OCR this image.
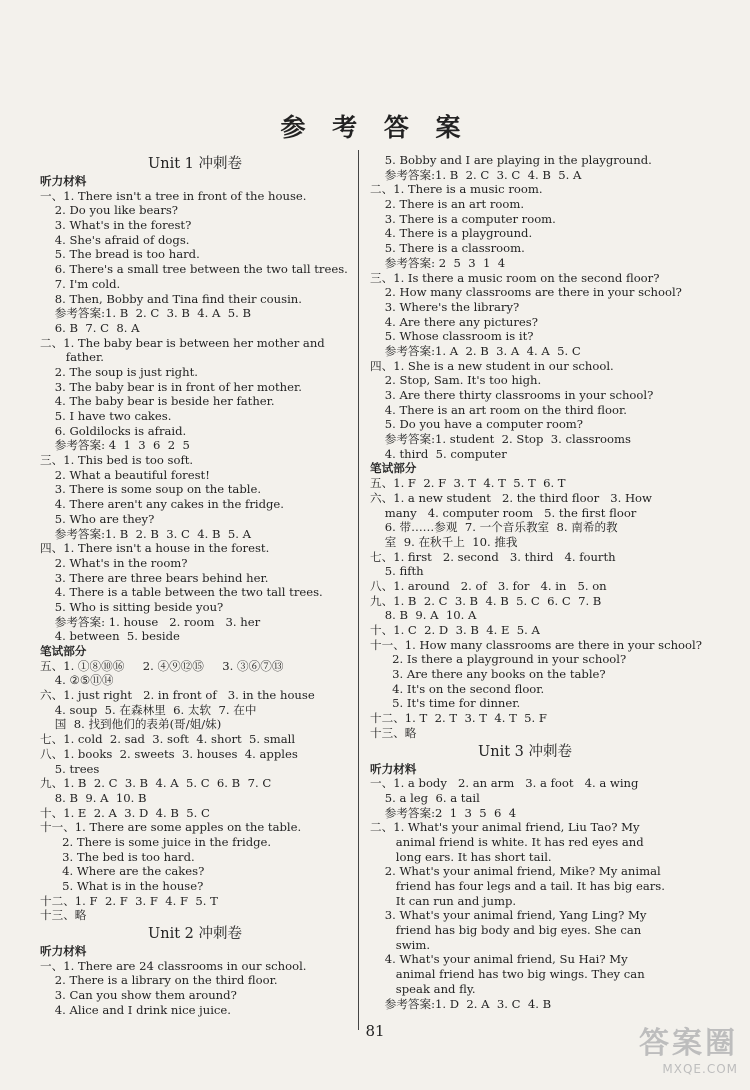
参 考 答 案
Unit 1 冲刺卷
听力材料
一、1. There isn't a tree in front of the house.
2. Do you like bears?
3. What's in the forest?
4. She's afraid of dogs.
5. The bread is too hard.
6. There's a small tree between the two tall trees.
7. I'm cold.
8. Then, Bobby and Tina find their cousin.
参考答案:1. B  2. C  3. B  4. A  5. B
6. B  7. C  8. A
二、1. The baby bear is between her mother and
father.
2. The soup is just right.
3. The baby bear is in front of her mother.
4. The baby bear is beside her father.
5. I have two cakes.
6. Goldilocks is afraid.
参考答案: 4  1  3  6  2  5
三、1. This bed is too soft.
2. What a beautiful forest!
3. There is some soup on the table.
4. There aren't any cakes in the fridge.
5. Who are they?
参考答案:1. B  2. B  3. C  4. B  5. A
四、1. There isn't a house in the forest.
2. What's in the room?
3. There are three bears behind her.
4. There is a table between the two tall trees.
5. Who is sitting beside you?
参考答案: 1. house   2. room   3. her
4. between  5. beside
笔试部分
五、1. ①⑧⑩⑯     2. ④⑨⑫⑮     3. ③⑥⑦⑬
4. ②⑤⑪⑭
六、1. just right   2. in front of   3. in the house
4. soup  5. 在森林里  6. 太软  7. 在中
国  8. 找到他们的表弟(哥/姐/妹)
七、1. cold  2. sad  3. soft  4. short  5. small
八、1. books  2. sweets  3. houses  4. apples
5. trees
九、1. B  2. C  3. B  4. A  5. C  6. B  7. C
8. B  9. A  10. B
十、1. E  2. A  3. D  4. B  5. C
十一、1. There are some apples on the table.
2. There is some juice in the fridge.
3. The bed is too hard.
4. Where are the cakes?
5. What is in the house?
十二、1. F  2. F  3. F  4. F  5. T
十三、略
Unit 2 冲刺卷
听力材料
一、1. There are 24 classrooms in our school.
2. There is a library on the third floor.
3. Can you show them around?
4. Alice and I drink nice juice.
5. Bobby and I are playing in the playground.
参考答案:1. B  2. C  3. C  4. B  5. A
二、1. There is a music room.
2. There is an art room.
3. There is a computer room.
4. There is a playground.
5. There is a classroom.
参考答案: 2  5  3  1  4
三、1. Is there a music room on the second floor?
2. How many classrooms are there in your school?
3. Where's the library?
4. Are there any pictures?
5. Whose classroom is it?
参考答案:1. A  2. B  3. A  4. A  5. C
四、1. She is a new student in our school.
2. Stop, Sam. It's too high.
3. Are there thirty classrooms in your school?
4. There is an art room on the third floor.
5. Do you have a computer room?
参考答案:1. student  2. Stop  3. classrooms
4. third  5. computer
笔试部分
五、1. F  2. F  3. T  4. T  5. T  6. T
六、1. a new student   2. the third floor   3. How
many   4. computer room   5. the first floor
6. 带……参观  7. 一个音乐教室  8. 南希的教
室  9. 在秋千上  10. 推我
七、1. first   2. second   3. third   4. fourth
5. fifth
八、1. around   2. of   3. for   4. in   5. on
九、1. B  2. C  3. B  4. B  5. C  6. C  7. B
8. B  9. A  10. A
十、1. C  2. D  3. B  4. E  5. A
十一、1. How many classrooms are there in your school?
2. Is there a playground in your school?
3. Are there any books on the table?
4. It's on the second floor.
5. It's time for dinner.
十二、1. T  2. T  3. T  4. T  5. F
十三、略
Unit 3 冲刺卷
听力材料
一、1. a body   2. an arm   3. a foot   4. a wing
5. a leg  6. a tail
参考答案:2  1  3  5  6  4
二、1. What's your animal friend, Liu Tao? My
animal friend is white. It has red eyes and
long ears. It has short tail.
2. What's your animal friend, Mike? My animal
friend has four legs and a tail. It has big ears.
It can run and jump.
3. What's your animal friend, Yang Ling? My
friend has big body and big eyes. She can
swim.
4. What's your animal friend, Su Hai? My
animal friend has two big wings. They can
speak and fly.
参考答案:1. D  2. A  3. C  4. B
81	答案圈
MXQE.COM
